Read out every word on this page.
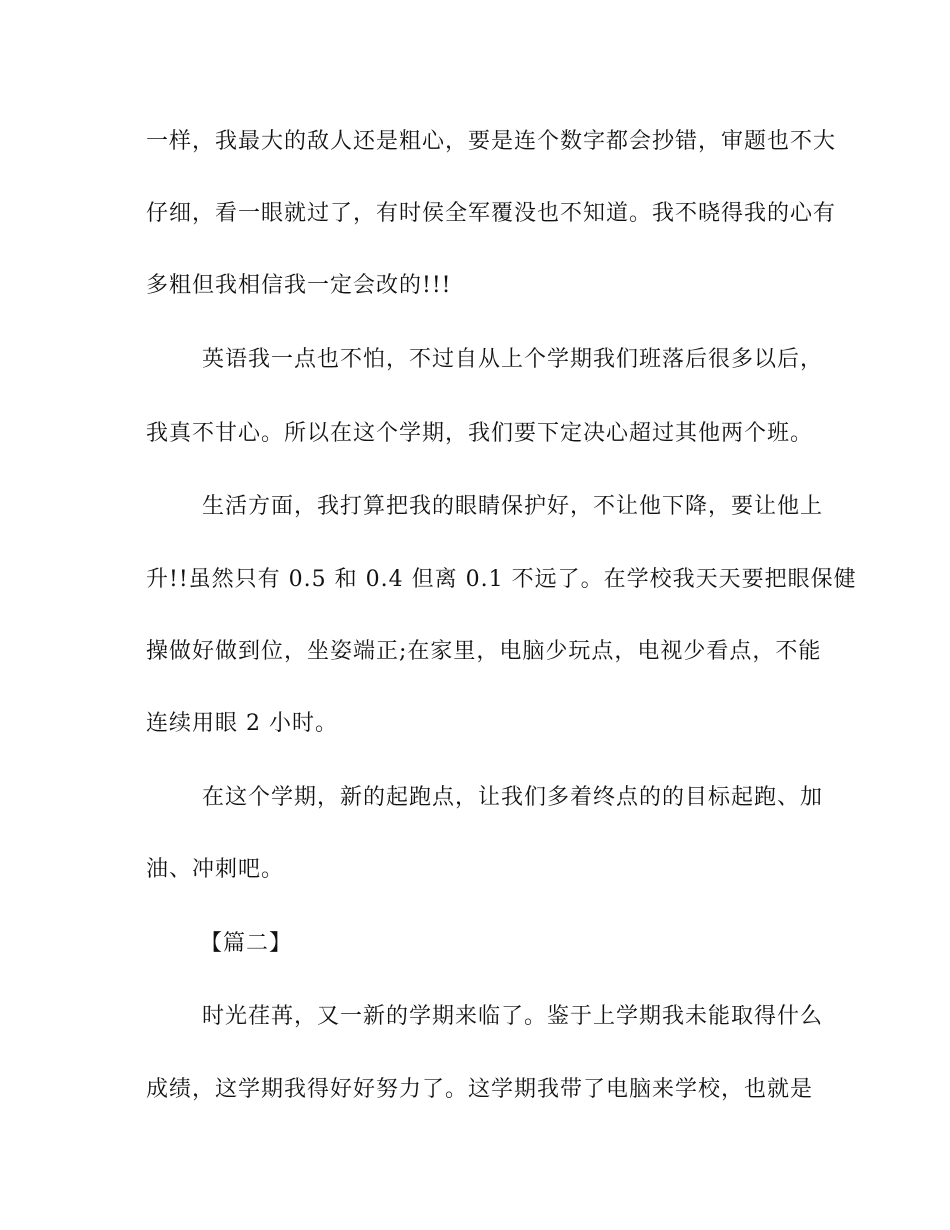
一样，我最大的敌人还是粗心，要是连个数字都会抄错，审题也不大
仔细，看一眼就过了，有时侯全军覆没也不知道。我不晓得我的心有
多粗但我相信我一定会改的!!!
英语我一点也不怕，不过自从上个学期我们班落后很多以后，
我真不甘心。所以在这个学期，我们要下定决心超过其他两个班。
生活方面，我打算把我的眼睛保护好，不让他下降，要让他上
升!!虽然只有 0.5 和 0.4 但离 0.1 不远了。在学校我天天要把眼保健
操做好做到位，坐姿端正;在家里，电脑少玩点，电视少看点，不能
连续用眼 2 小时。
在这个学期，新的起跑点，让我们多着终点的的目标起跑、加
油、冲刺吧。
【篇二】
时光荏苒，又一新的学期来临了。鉴于上学期我未能取得什么
成绩，这学期我得好好努力了。这学期我带了电脑来学校，也就是
